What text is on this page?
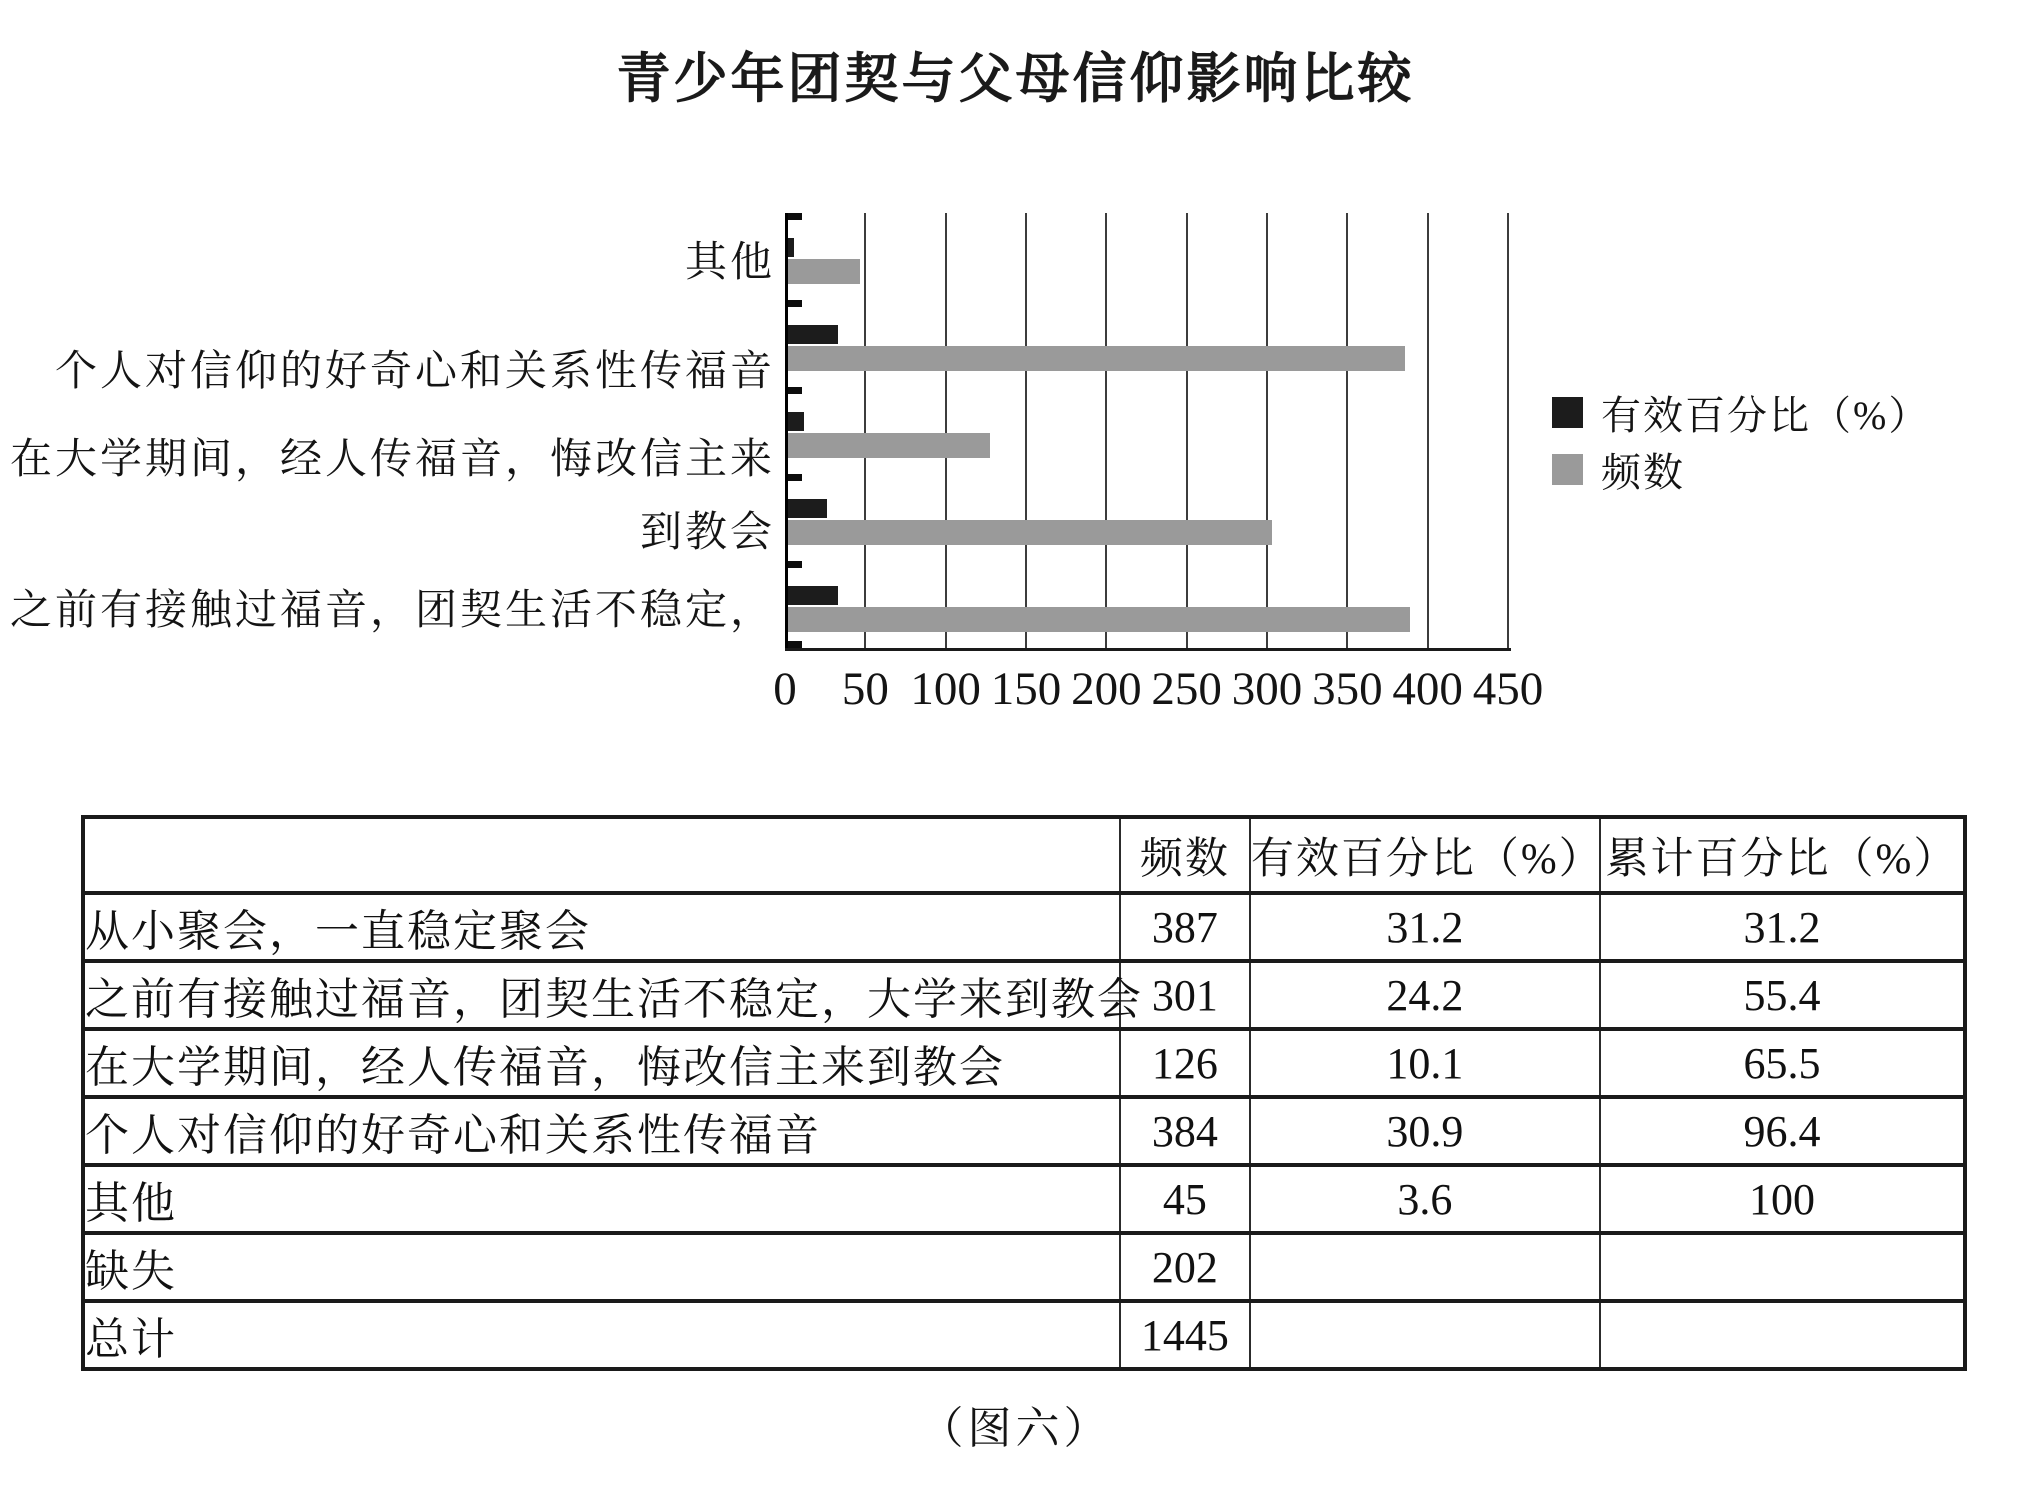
青少年团契与父母信仰影响比较
其他
个人对信仰的好奇心和关系性传福音
在大学期间，经人传福音，悔改信主来
到教会
之前有接触过福音，团契生活不稳定，
0 50 100 150 200 250 300 350 400 450
有效百分比（%）
频数
	频数	有效百分比（%）	累计百分比（%）
从小聚会，一直稳定聚会	387	31.2	31.2
之前有接触过福音，团契生活不稳定，大学来到教会	301	24.2	55.4
在大学期间，经人传福音，悔改信主来到教会	126	10.1	65.5
个人对信仰的好奇心和关系性传福音	384	30.9	96.4
其他	45	3.6	100
缺失	202		
总计	1445		
（图六）
